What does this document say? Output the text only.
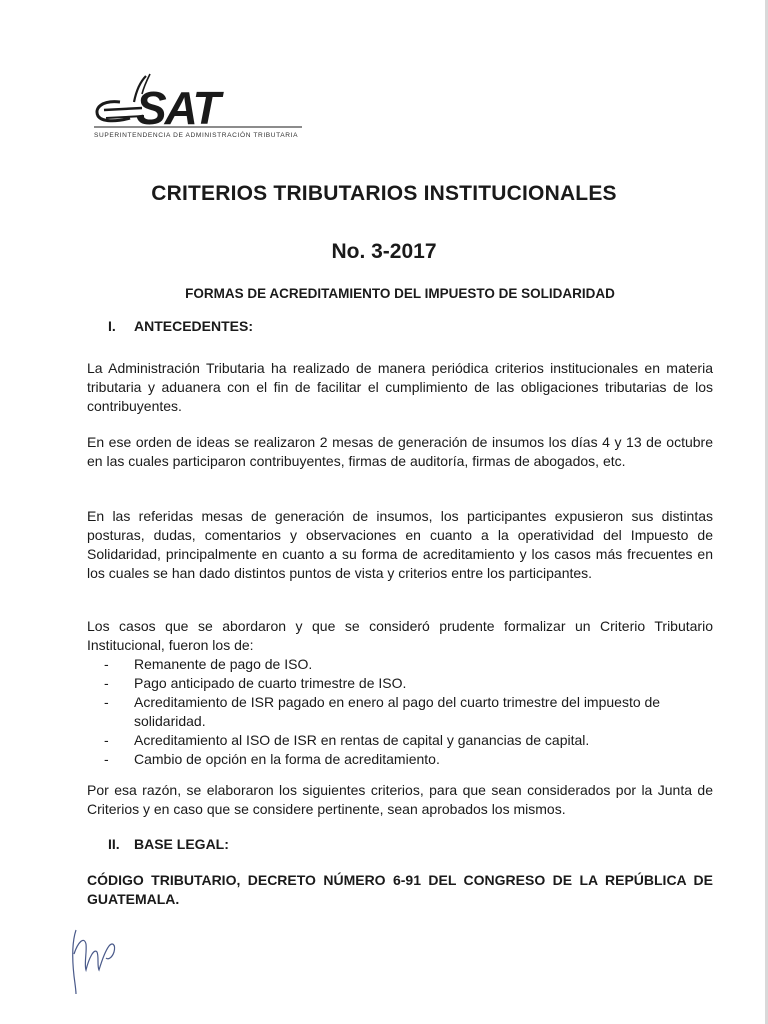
SAT
SUPERINTENDENCIA DE ADMINISTRACIÓN TRIBUTARIA
CRITERIOS TRIBUTARIOS INSTITUCIONALES
No. 3-2017
FORMAS DE ACREDITAMIENTO DEL IMPUESTO DE SOLIDARIDAD
I. ANTECEDENTES:

La Administración Tributaria ha realizado de manera periódica criterios institucionales en materia tributaria y aduanera con el fin de facilitar el cumplimiento de las obligaciones tributarias de los contribuyentes.

En ese orden de ideas se realizaron 2 mesas de generación de insumos los días 4 y 13 de octubre en las cuales participaron contribuyentes, firmas de auditoría, firmas de abogados, etc.

En las referidas mesas de generación de insumos, los participantes expusieron sus distintas posturas, dudas, comentarios y observaciones en cuanto a la operatividad del Impuesto de Solidaridad, principalmente en cuanto a su forma de acreditamiento y los casos más frecuentes en los cuales se han dado distintos puntos de vista y criterios entre los participantes.

Los casos que se abordaron y que se consideró prudente formalizar un Criterio Tributario Institucional, fueron los de:

- Remanente de pago de ISO.
- Pago anticipado de cuarto trimestre de ISO.
- Acreditamiento de ISR pagado en enero al pago del cuarto trimestre del impuesto de solidaridad.
- Acreditamiento al ISO de ISR en rentas de capital y ganancias de capital.
- Cambio de opción en la forma de acreditamiento.

Por esa razón, se elaboraron los siguientes criterios, para que sean considerados por la Junta de Criterios y en caso que se considere pertinente, sean aprobados los mismos.

II. BASE LEGAL:

CÓDIGO TRIBUTARIO, DECRETO NÚMERO 6-91 DEL CONGRESO DE LA REPÚBLICA DE GUATEMALA.
